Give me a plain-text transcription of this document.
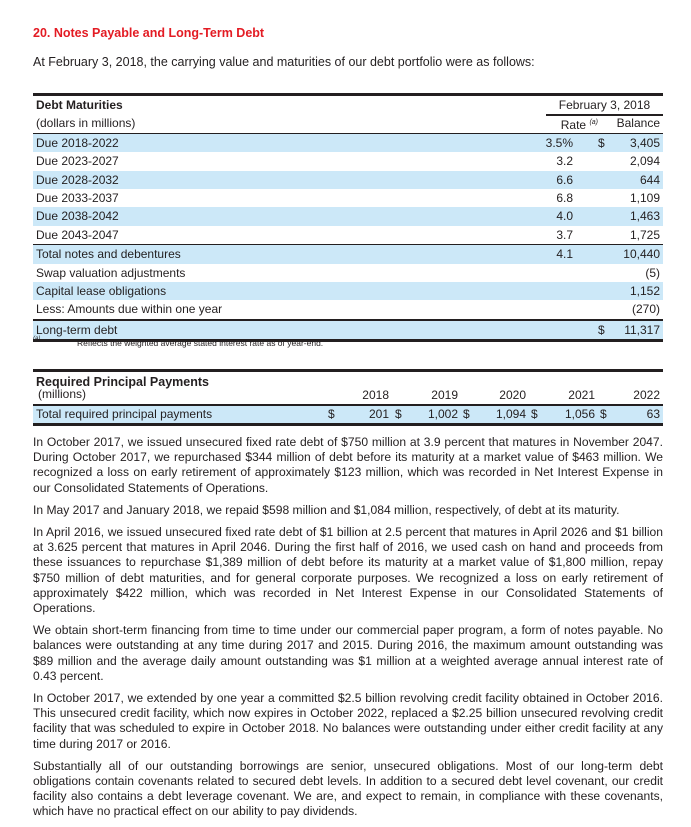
20. Notes Payable and Long-Term Debt
At February 3, 2018, the carrying value and maturities of our debt portfolio were as follows:
Debt Maturities	February 3, 2018
(dollars in millions)	Rate $^{(a)}$ Balance
Due 2018-2022	3.5% $ 3,405
Due 2023-2027	3.2	2,094
Due 2028-2032	6.6	644
Due 2033-2037	6.8	1,109
Due 2038-2042	4.0	1,463
Due 2043-2047	3.7	1,725
Total notes and debentures	4.1	10,440
Swap valuation adjustments	(5)
Capital lease obligations	1,152
Less: Amounts due within one year	(270)
Long-term debt	$ 11,317
(a)	Reflects the weighted average stated interest rate as of year-end.
Required Principal Payments
(millions)	2018	2019	2020	2021	2022
Total required principal payments	$	201 $	1,002 $	1,094 $	1,056 $	63

In October 2017, we issued unsecured fixed rate debt of $750 million at 3.9 percent that matures in November 2047. During October 2017, we repurchased $344 million of debt before its maturity at a market value of $463 million. We recognized a loss on early retirement of approximately $123 million, which was recorded in Net Interest Expense in our Consolidated Statements of Operations.

In May 2017 and January 2018, we repaid $598 million and $1,084 million, respectively, of debt at its maturity.

In April 2016, we issued unsecured fixed rate debt of $1 billion at 2.5 percent that matures in April 2026 and $1 billion at 3.625 percent that matures in April 2046. During the first half of 2016, we used cash on hand and proceeds from these issuances to repurchase $1,389 million of debt before its maturity at a market value of $1,800 million, repay $750 million of debt maturities, and for general corporate purposes. We recognized a loss on early retirement of approximately $422 million, which was recorded in Net Interest Expense in our Consolidated Statements of Operations.

We obtain short-term financing from time to time under our commercial paper program, a form of notes payable. No balances were outstanding at any time during 2017 and 2015. During 2016, the maximum amount outstanding was $89 million and the average daily amount outstanding was $1 million at a weighted average annual interest rate of 0.43 percent.

In October 2017, we extended by one year a committed $2.5 billion revolving credit facility obtained in October 2016. This unsecured credit facility, which now expires in October 2022, replaced a $2.25 billion unsecured revolving credit facility that was scheduled to expire in October 2018. No balances were outstanding under either credit facility at any time during 2017 or 2016.

Substantially all of our outstanding borrowings are senior, unsecured obligations. Most of our long-term debt obligations contain covenants related to secured debt levels. In addition to a secured debt level covenant, our credit facility also contains a debt leverage covenant. We are, and expect to remain, in compliance with these covenants, which have no practical effect on our ability to pay dividends.
